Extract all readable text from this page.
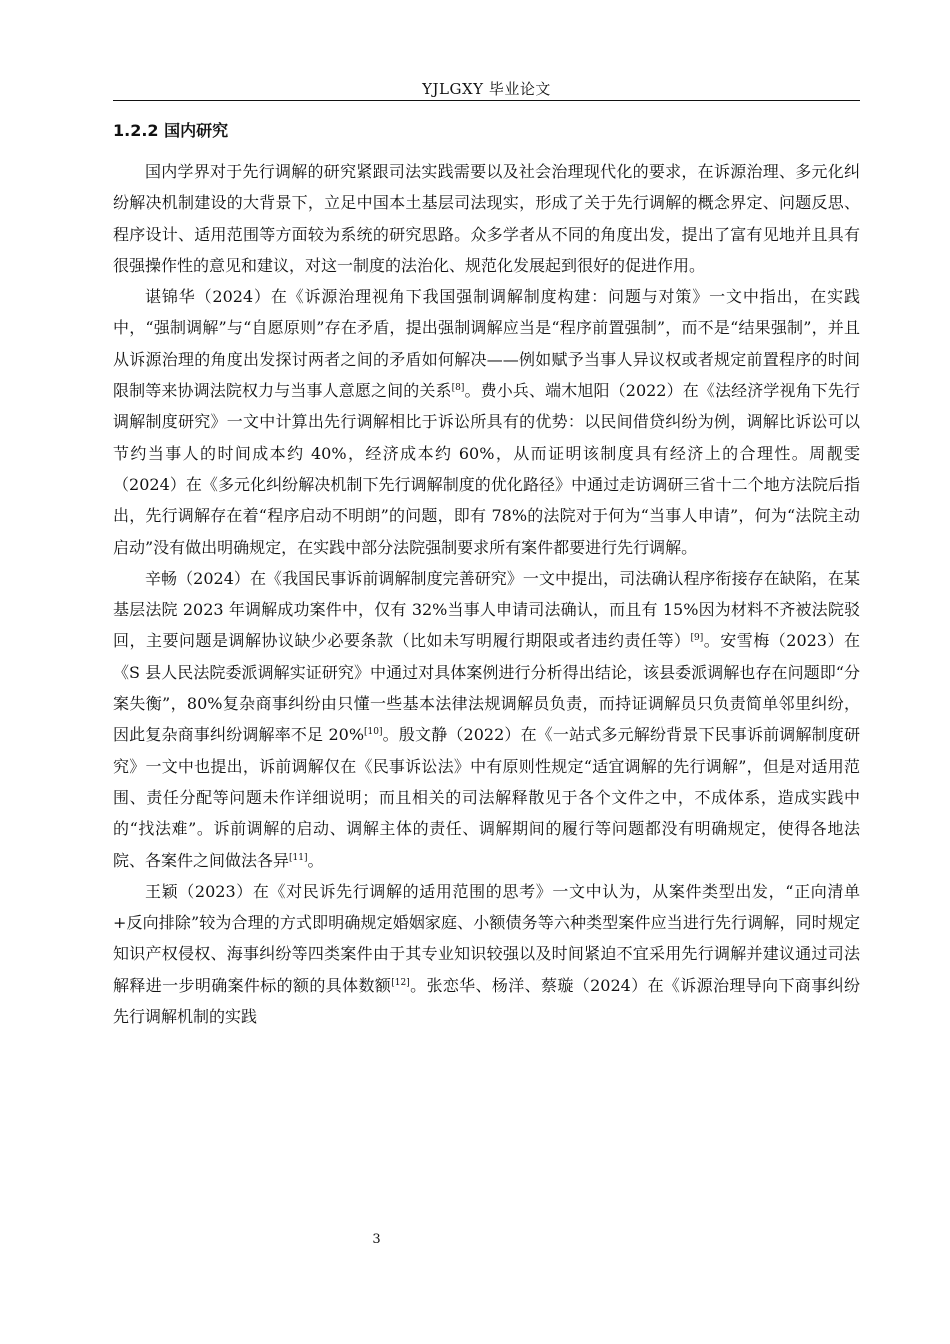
YJLGXY 毕业论文
1.2.2 国内研究

国内学界对于先行调解的研究紧跟司法实践需要以及社会治理现代化的要求，在诉源治理、多元化纠纷解决机制建设的大背景下，立足中国本土基层司法现实，形成了关于先行调解的概念界定、问题反思、程序设计、适用范围等方面较为系统的研究思路。众多学者从不同的角度出发，提出了富有见地并且具有很强操作性的意见和建议，对这一制度的法治化、规范化发展起到很好的促进作用。

谌锦华（2024）在《诉源治理视角下我国强制调解制度构建：问题与对策》一文中指出，在实践中，“强制调解”与“自愿原则”存在矛盾，提出强制调解应当是“程序前置强制”，而不是“结果强制”，并且从诉源治理的角度出发探讨两者之间的矛盾如何解决——例如赋予当事人异议权或者规定前置程序的时间限制等来协调法院权力与当事人意愿之间的关系[8]。费小兵、端木旭阳（2022）在《法经济学视角下先行调解制度研究》一文中计算出先行调解相比于诉讼所具有的优势：以民间借贷纠纷为例，调解比诉讼可以节约当事人的时间成本约 40%，经济成本约 60%，从而证明该制度具有经济上的合理性。周靓雯（2024）在《多元化纠纷解决机制下先行调解制度的优化路径》中通过走访调研三省十二个地方法院后指出，先行调解存在着“程序启动不明朗”的问题，即有 78%的法院对于何为“当事人申请”，何为“法院主动启动”没有做出明确规定，在实践中部分法院强制要求所有案件都要进行先行调解。

辛畅（2024）在《我国民事诉前调解制度完善研究》一文中提出，司法确认程序衔接存在缺陷，在某基层法院 2023 年调解成功案件中，仅有 32%当事人申请司法确认，而且有 15%因为材料不齐被法院驳回，主要问题是调解协议缺少必要条款（比如未写明履行期限或者违约责任等）[9]。安雪梅（2023）在《S 县人民法院委派调解实证研究》中通过对具体案例进行分析得出结论，该县委派调解也存在问题即“分案失衡”，80%复杂商事纠纷由只懂一些基本法律法规调解员负责，而持证调解员只负责简单邻里纠纷，因此复杂商事纠纷调解率不足 20%[10]。殷文静（2022）在《一站式多元解纷背景下民事诉前调解制度研究》一文中也提出，诉前调解仅在《民事诉讼法》中有原则性规定“适宜调解的先行调解”，但是对适用范围、责任分配等问题未作详细说明；而且相关的司法解释散见于各个文件之中，不成体系，造成实践中的“找法难”。诉前调解的启动、调解主体的责任、调解期间的履行等问题都没有明确规定，使得各地法院、各案件之间做法各异[11]。

王颖（2023）在《对民诉先行调解的适用范围的思考》一文中认为，从案件类型出发，“正向清单+反向排除”较为合理的方式即明确规定婚姻家庭、小额债务等六种类型案件应当进行先行调解，同时规定知识产权侵权、海事纠纷等四类案件由于其专业知识较强以及时间紧迫不宜采用先行调解并建议通过司法解释进一步明确案件标的额的具体数额[12]。张恋华、杨洋、蔡璇（2024）在《诉源治理导向下商事纠纷先行调解机制的实践

3
